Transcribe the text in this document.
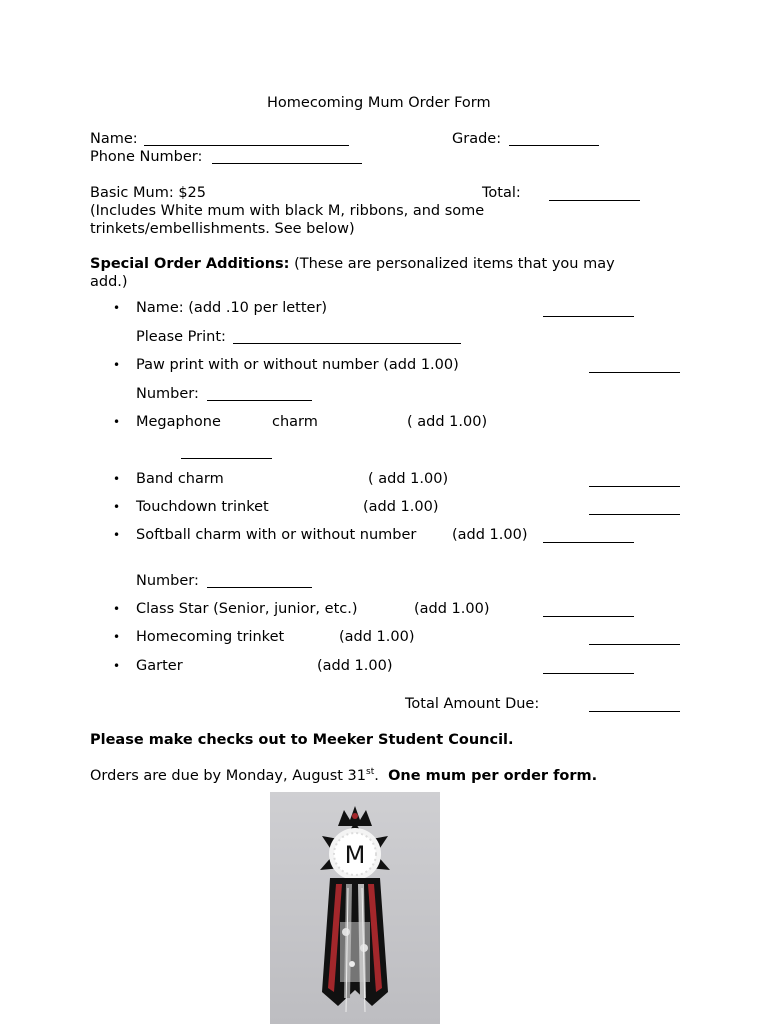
Homecoming Mum Order Form
Name:	Grade:
Phone Number:
Basic Mum: $25	Total:
(Includes White mum with black M, ribbons, and some
trinkets/embellishments. See below)
Special Order Additions: (These are personalized items that you may
add.)
• Name: (add .10 per letter)
Please Print:
• Paw print with or without number (add 1.00)
Number:
• Megaphone	charm	( add 1.00)
• Band charm	( add 1.00)
• Touchdown trinket	(add 1.00)
• Softball charm with or without number (add 1.00)
Number:
• Class Star (Senior, junior, etc.)	(add 1.00)
• Homecoming trinket	(add 1.00)
• Garter	(add 1.00)
Total Amount Due:
Please make checks out to Meeker Student Council.
Orders are due by Monday, August 31st.  One mum per order form.
M
